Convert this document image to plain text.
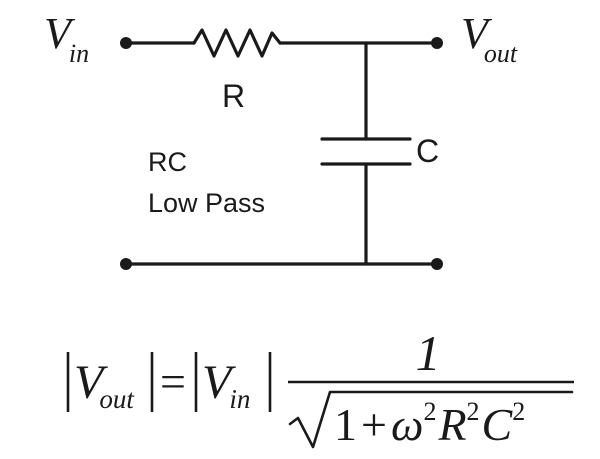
Vin	Vout
R
C
RC
Low Pass
Vout = Vin
1
$1+\omega^2R^2C^2$
